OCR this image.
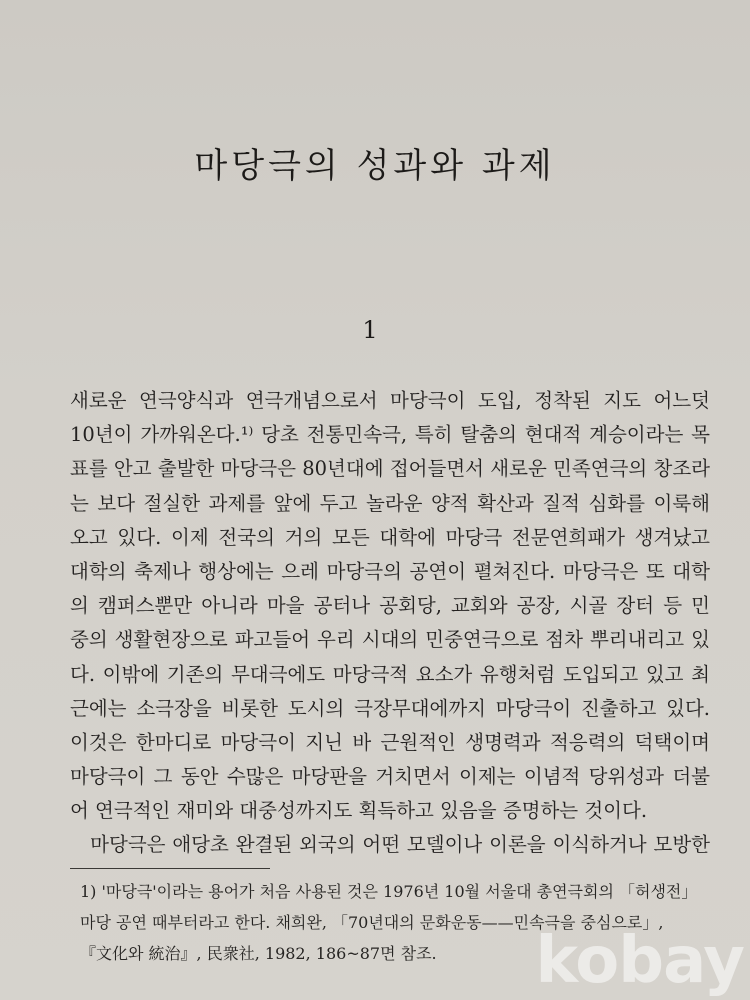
마당극의 성과와 과제
1
새로운 연극양식과 연극개념으로서 마당극이 도입, 정착된 지도 어느덧
10년이 가까워온다.¹⁾ 당초 전통민속극, 특히 탈춤의 현대적 계승이라는 목
표를 안고 출발한 마당극은 80년대에 접어들면서 새로운 민족연극의 창조라
는 보다 절실한 과제를 앞에 두고 놀라운 양적 확산과 질적 심화를 이룩해
오고 있다. 이제 전국의 거의 모든 대학에 마당극 전문연희패가 생겨났고
대학의 축제나 행상에는 으레 마당극의 공연이 펼쳐진다. 마당극은 또 대학
의 캠퍼스뿐만 아니라 마을 공터나 공회당, 교회와 공장, 시골 장터 등 민
중의 생활현장으로 파고들어 우리 시대의 민중연극으로 점차 뿌리내리고 있
다. 이밖에 기존의 무대극에도 마당극적 요소가 유행처럼 도입되고 있고 최
근에는 소극장을 비롯한 도시의 극장무대에까지 마당극이 진출하고 있다.
이것은 한마디로 마당극이 지닌 바 근원적인 생명력과 적응력의 덕택이며
마당극이 그 동안 수많은 마당판을 거치면서 이제는 이념적 당위성과 더불
어 연극적인 재미와 대중성까지도 획득하고 있음을 증명하는 것이다.
　마당극은 애당초 완결된 외국의 어떤 모델이나 이론을 이식하거나 모방한
1) '마당극'이라는 용어가 처음 사용된 것은 1976년 10월 서울대 총연극회의 「허생전」
마당 공연 때부터라고 한다. 채희완, 「70년대의 문화운동——민속극을 중심으로」,
『文化와 統治』, 民衆社, 1982, 186~87면 참조.	kobay
